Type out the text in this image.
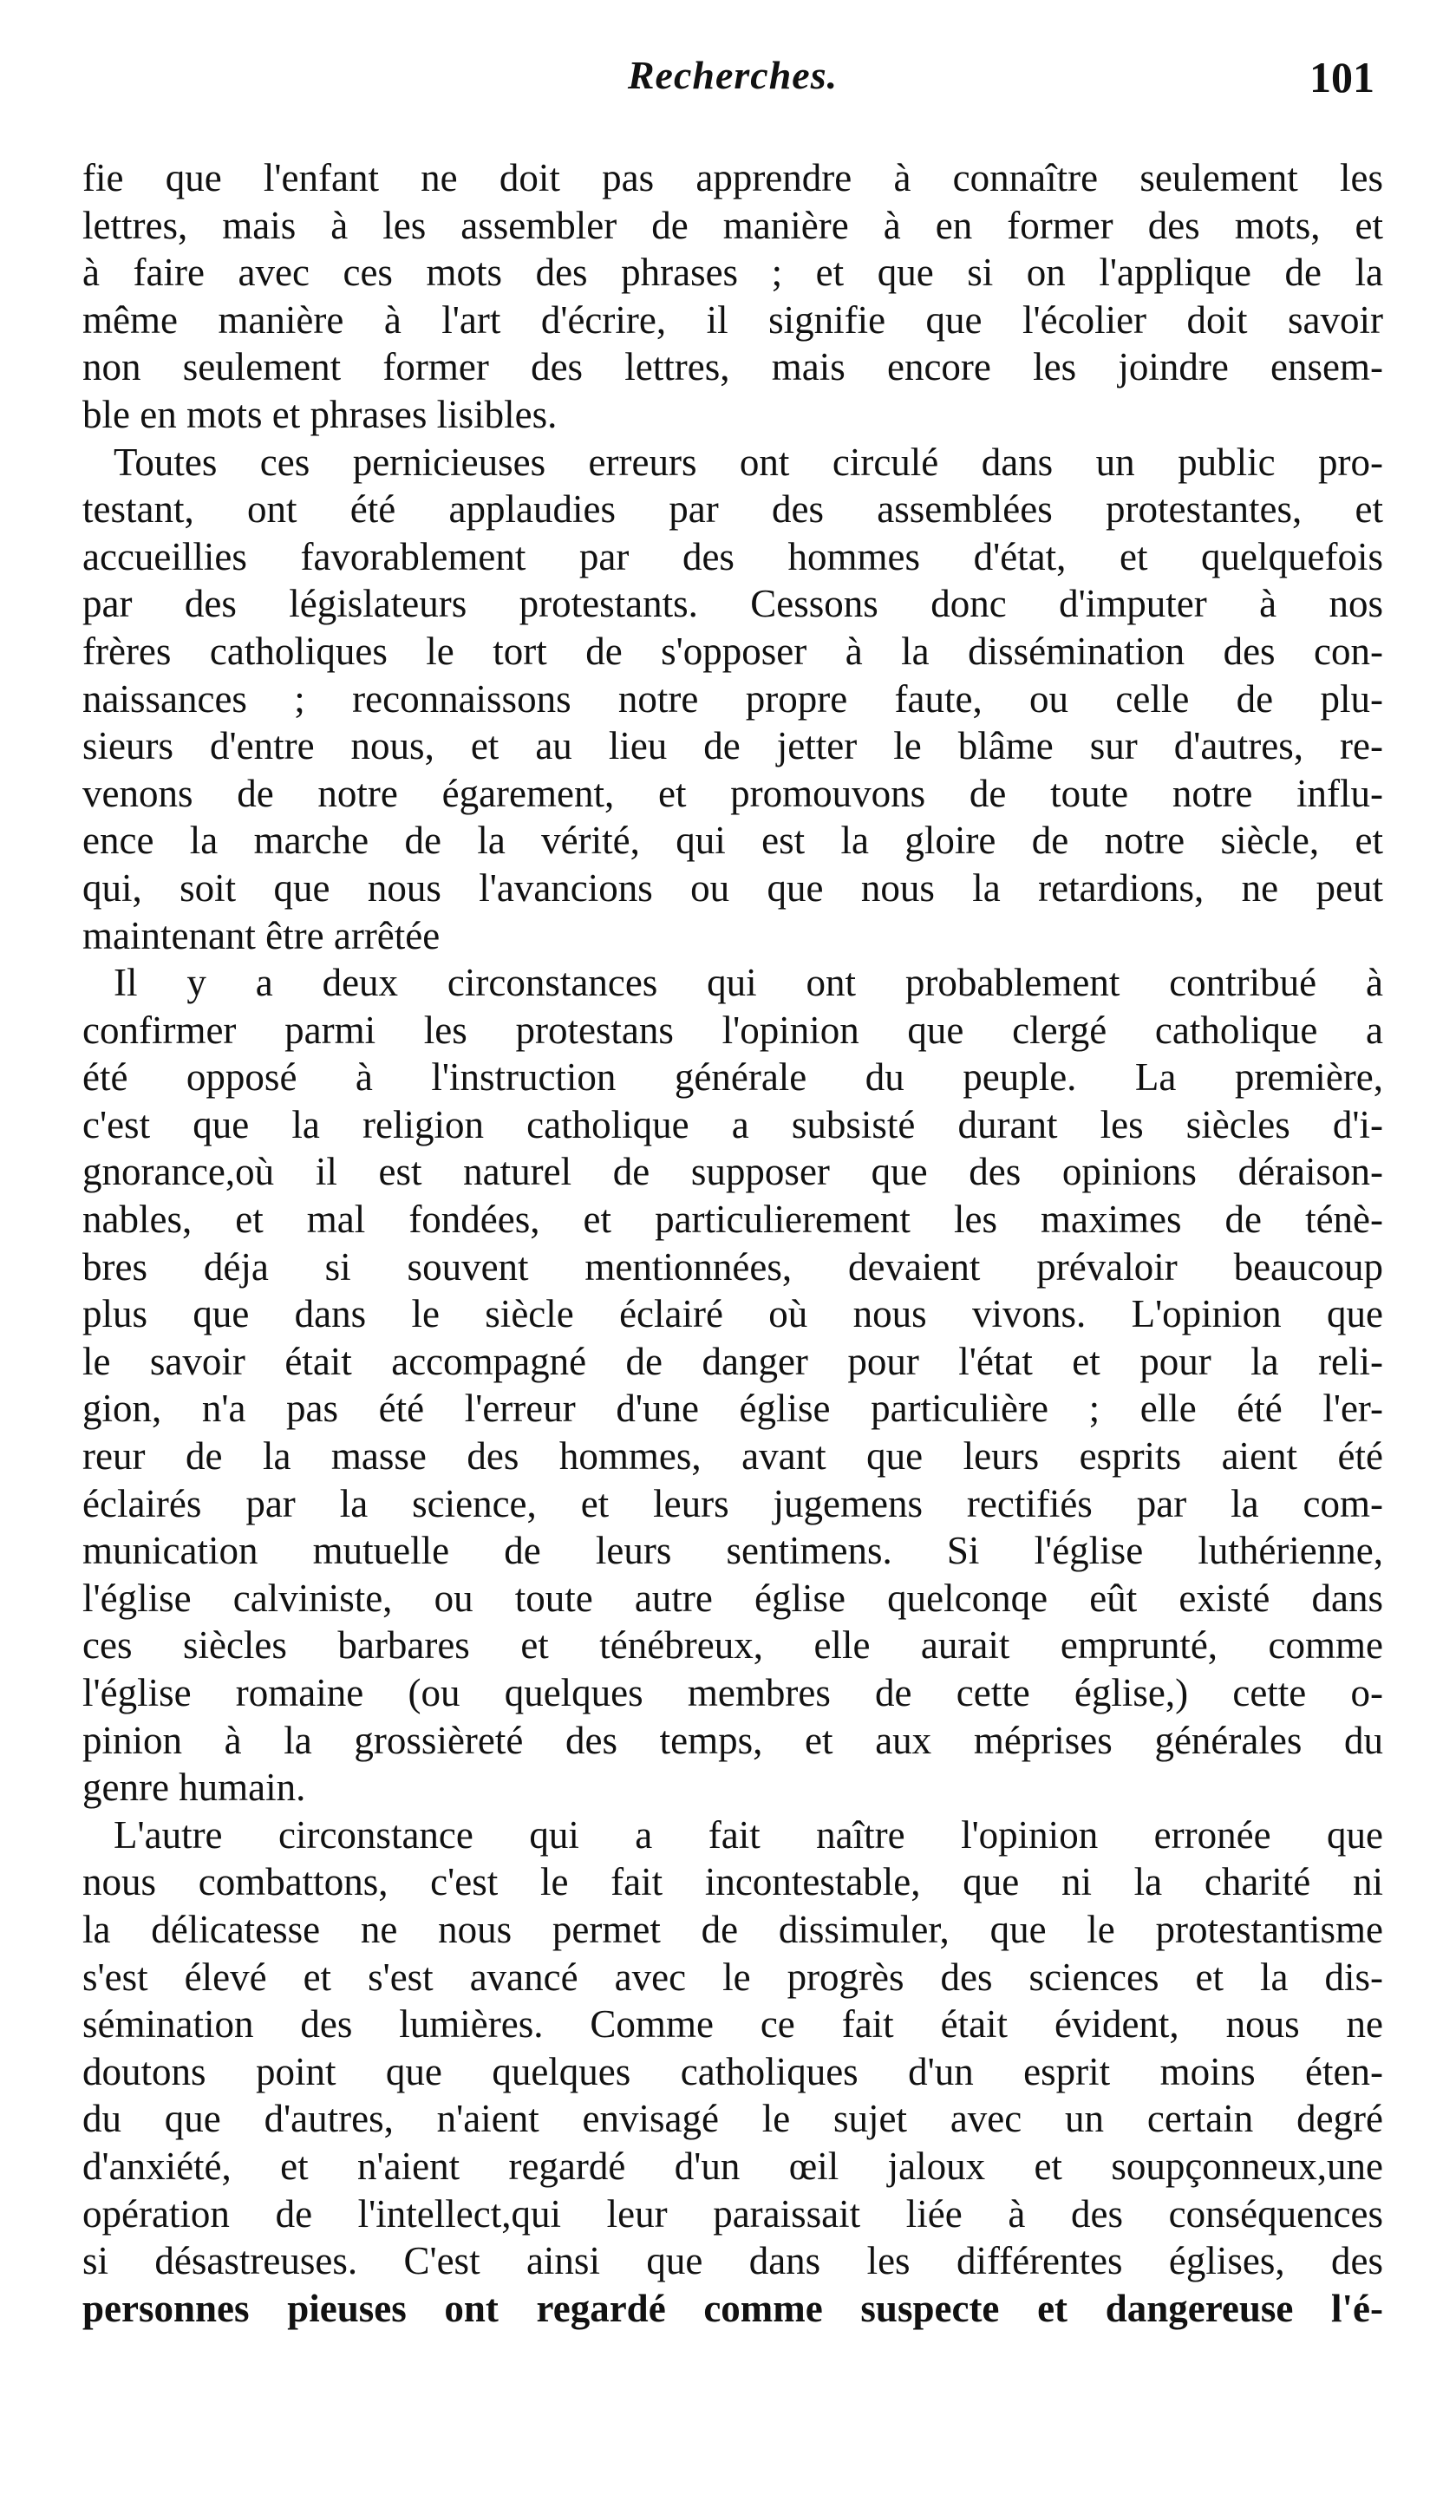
Recherches.	101
fie que l'enfant ne doit pas apprendre à connaître seulement les
lettres, mais à les assembler de manière à en former des mots, et
à faire avec ces mots des phrases ; et que si on l'applique de la
même manière à l'art d'écrire, il signifie que l'écolier doit savoir
non seulement former des lettres, mais encore les joindre ensem-
ble en mots et phrases lisibles.
Toutes ces pernicieuses erreurs ont circulé dans un public pro-
testant, ont été applaudies par des assemblées protestantes, et
accueillies favorablement par des hommes d'état, et quelquefois
par des législateurs protestants. Cessons donc d'imputer à nos
frères catholiques le tort de s'opposer à la dissémination des con-
naissances ; reconnaissons notre propre faute, ou celle de plu-
sieurs d'entre nous, et au lieu de jetter le blâme sur d'autres, re-
venons de notre égarement, et promouvons de toute notre influ-
ence la marche de la vérité, qui est la gloire de notre siècle, et
qui, soit que nous l'avancions ou que nous la retardions, ne peut
maintenant être arrêtée
Il y a deux circonstances qui ont probablement contribué à
confirmer parmi les protestans l'opinion que clergé catholique a
été opposé à l'instruction générale du peuple. La première,
c'est que la religion catholique a subsisté durant les siècles d'i-
gnorance,où il est naturel de supposer que des opinions déraison-
nables, et mal fondées, et particulierement les maximes de ténè-
bres déja si souvent mentionnées, devaient prévaloir beaucoup
plus que dans le siècle éclairé où nous vivons. L'opinion que
le savoir était accompagné de danger pour l'état et pour la reli-
gion, n'a pas été l'erreur d'une église particulière ; elle été l'er-
reur de la masse des hommes, avant que leurs esprits aient été
éclairés par la science, et leurs jugemens rectifiés par la com-
munication mutuelle de leurs sentimens. Si l'église luthérienne,
l'église calviniste, ou toute autre église quelconqe eût existé dans
ces siècles barbares et ténébreux, elle aurait emprunté, comme
l'église romaine (ou quelques membres de cette église,) cette o-
pinion à la grossièreté des temps, et aux méprises générales du
genre humain.
L'autre circonstance qui a fait naître l'opinion erronée que
nous combattons, c'est le fait incontestable, que ni la charité ni
la délicatesse ne nous permet de dissimuler, que le protestantisme
s'est élevé et s'est avancé avec le progrès des sciences et la dis-
sémination des lumières. Comme ce fait était évident, nous ne
doutons point que quelques catholiques d'un esprit moins éten-
du que d'autres, n'aient envisagé le sujet avec un certain degré
d'anxiété, et n'aient regardé d'un œil jaloux et soupçonneux,une
opération de l'intellect,qui leur paraissait liée à des conséquences
si désastreuses. C'est ainsi que dans les différentes églises, des
personnes pieuses ont regardé comme suspecte et dangereuse l'é-
